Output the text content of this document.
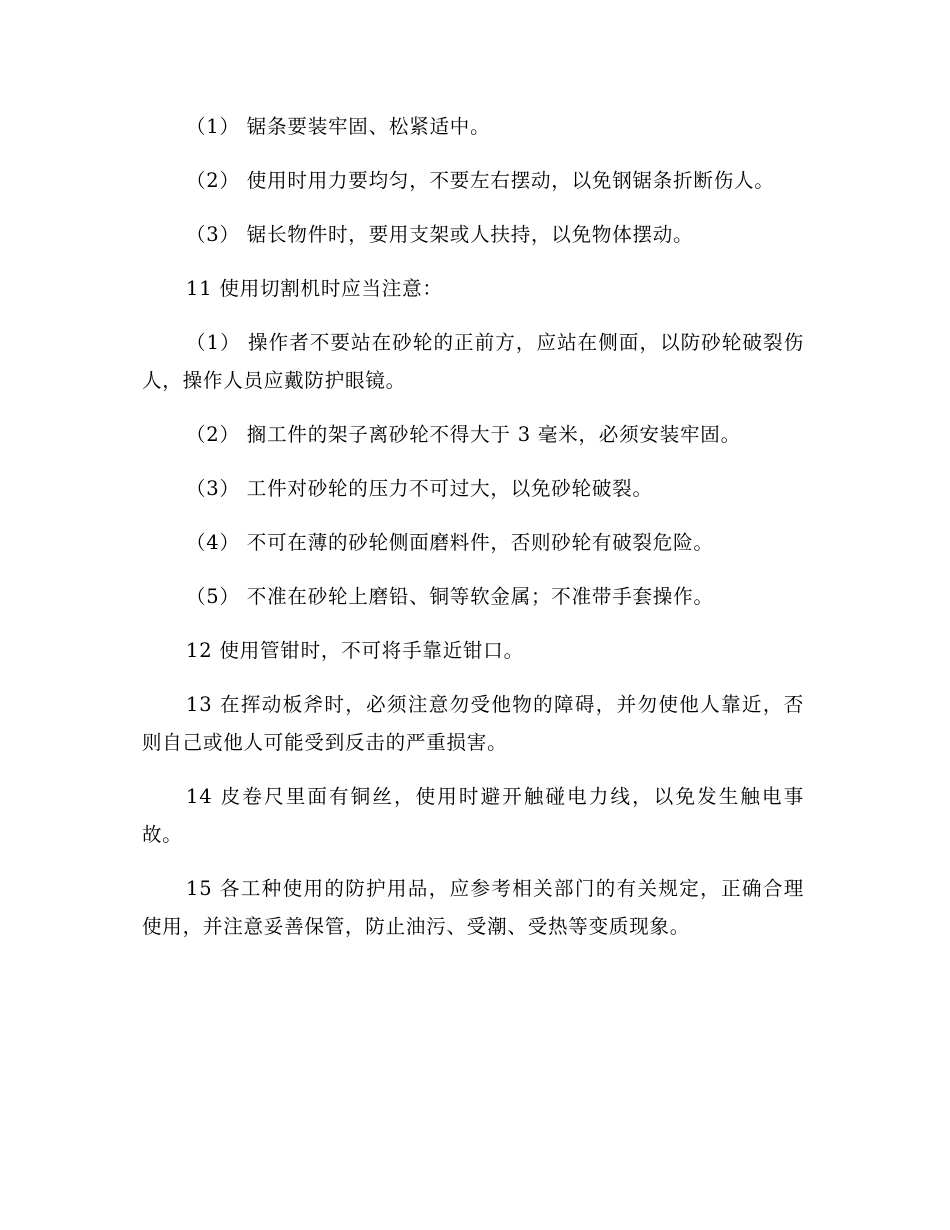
（1） 锯条要装牢固、松紧适中。

（2） 使用时用力要均匀，不要左右摆动，以免钢锯条折断伤人。

（3） 锯长物件时，要用支架或人扶持，以免物体摆动。

11 使用切割机时应当注意：

（1） 操作者不要站在砂轮的正前方，应站在侧面，以防砂轮破裂伤人，操作人员应戴防护眼镜。

（2） 搁工件的架子离砂轮不得大于 3 毫米，必须安装牢固。

（3） 工件对砂轮的压力不可过大，以免砂轮破裂。

（4） 不可在薄的砂轮侧面磨料件，否则砂轮有破裂危险。

（5） 不准在砂轮上磨铅、铜等软金属；不准带手套操作。

12 使用管钳时，不可将手靠近钳口。

13 在挥动板斧时，必须注意勿受他物的障碍，并勿使他人靠近，否则自己或他人可能受到反击的严重损害。

14 皮卷尺里面有铜丝，使用时避开触碰电力线，以免发生触电事故。

15 各工种使用的防护用品，应参考相关部门的有关规定，正确合理使用，并注意妥善保管，防止油污、受潮、受热等变质现象。
